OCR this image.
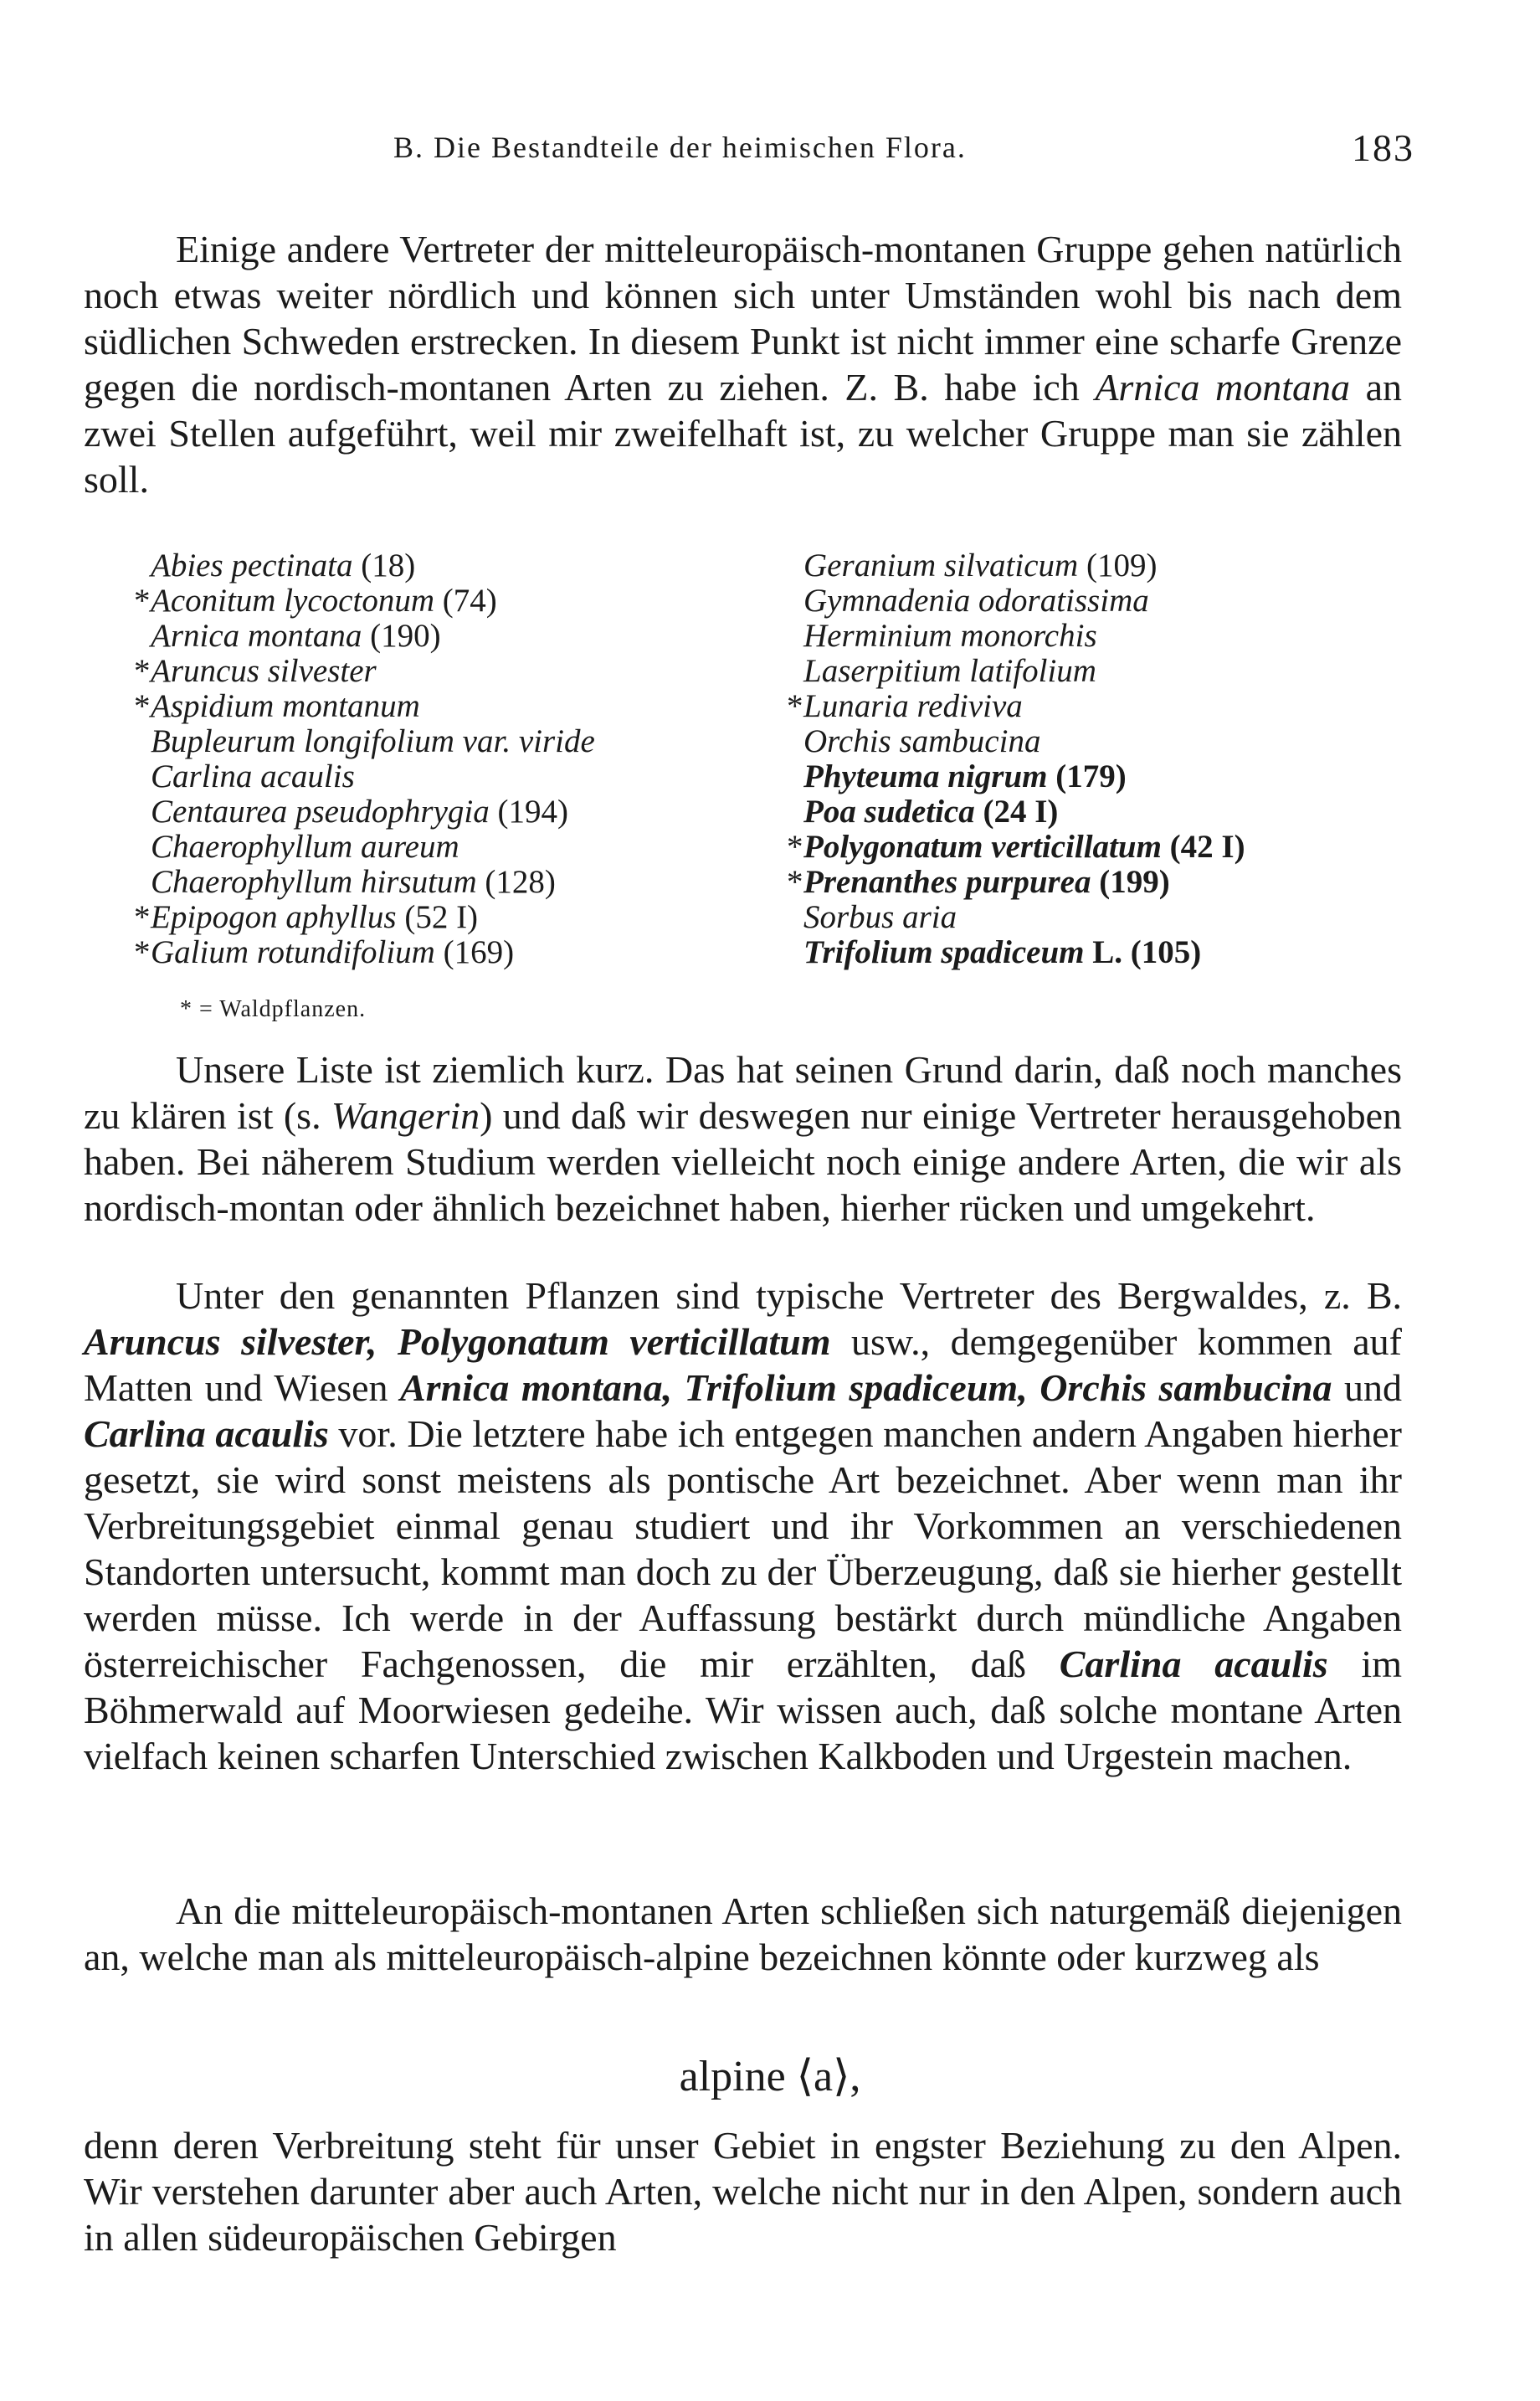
B. Die Bestandteile der heimischen Flora.	183

Einige andere Vertreter der mitteleuropäisch-montanen Gruppe gehen natürlich noch etwas weiter nördlich und können sich unter Umständen wohl bis nach dem südlichen Schweden erstrecken. In diesem Punkt ist nicht immer eine scharfe Grenze gegen die nordisch-montanen Arten zu ziehen. Z. B. habe ich Arnica montana an zwei Stellen aufgeführt, weil mir zweifelhaft ist, zu welcher Gruppe man sie zählen soll.

Abies pectinata (18)
*Aconitum lycoctonum (74)
Arnica montana (190)
*Aruncus silvester
*Aspidium montanum
Bupleurum longifolium var. viride
Carlina acaulis
Centaurea pseudophrygia (194)
Chaerophyllum aureum
Chaerophyllum hirsutum (128)
*Epipogon aphyllus (52 I)
*Galium rotundifolium (169)
Geranium silvaticum (109)
Gymnadenia odoratissima
Herminium monorchis
Laserpitium latifolium
*Lunaria rediviva
Orchis sambucina
Phyteuma nigrum (179)
Poa sudetica (24 I)
*Polygonatum verticillatum (42 I)
*Prenanthes purpurea (199)
Sorbus aria
Trifolium spadiceum L. (105)
* = Waldpflanzen.

Unsere Liste ist ziemlich kurz. Das hat seinen Grund darin, daß noch manches zu klären ist (s. Wangerin) und daß wir deswegen nur einige Vertreter herausgehoben haben. Bei näherem Studium werden vielleicht noch einige andere Arten, die wir als nordisch-montan oder ähnlich bezeichnet haben, hierher rücken und umgekehrt.

Unter den genannten Pflanzen sind typische Vertreter des Bergwaldes, z. B. Aruncus silvester, Polygonatum verticillatum usw., demgegenüber kommen auf Matten und Wiesen Arnica montana, Trifolium spadiceum, Orchis sambucina und Carlina acaulis vor. Die letztere habe ich entgegen manchen andern Angaben hierher gesetzt, sie wird sonst meistens als pontische Art bezeichnet. Aber wenn man ihr Verbreitungsgebiet einmal genau studiert und ihr Vorkommen an verschiedenen Standorten untersucht, kommt man doch zu der Überzeugung, daß sie hierher gestellt werden müsse. Ich werde in der Auffassung bestärkt durch mündliche Angaben österreichischer Fachgenossen, die mir erzählten, daß Carlina acaulis im Böhmerwald auf Moorwiesen gedeihe. Wir wissen auch, daß solche montane Arten vielfach keinen scharfen Unterschied zwischen Kalkboden und Urgestein machen.

An die mitteleuropäisch-montanen Arten schließen sich naturgemäß diejenigen an, welche man als mitteleuropäisch-alpine bezeichnen könnte oder kurzweg als

alpine ⟨a⟩,

denn deren Verbreitung steht für unser Gebiet in engster Beziehung zu den Alpen. Wir verstehen darunter aber auch Arten, welche nicht nur in den Alpen, sondern auch in allen südeuropäischen Gebirgen
